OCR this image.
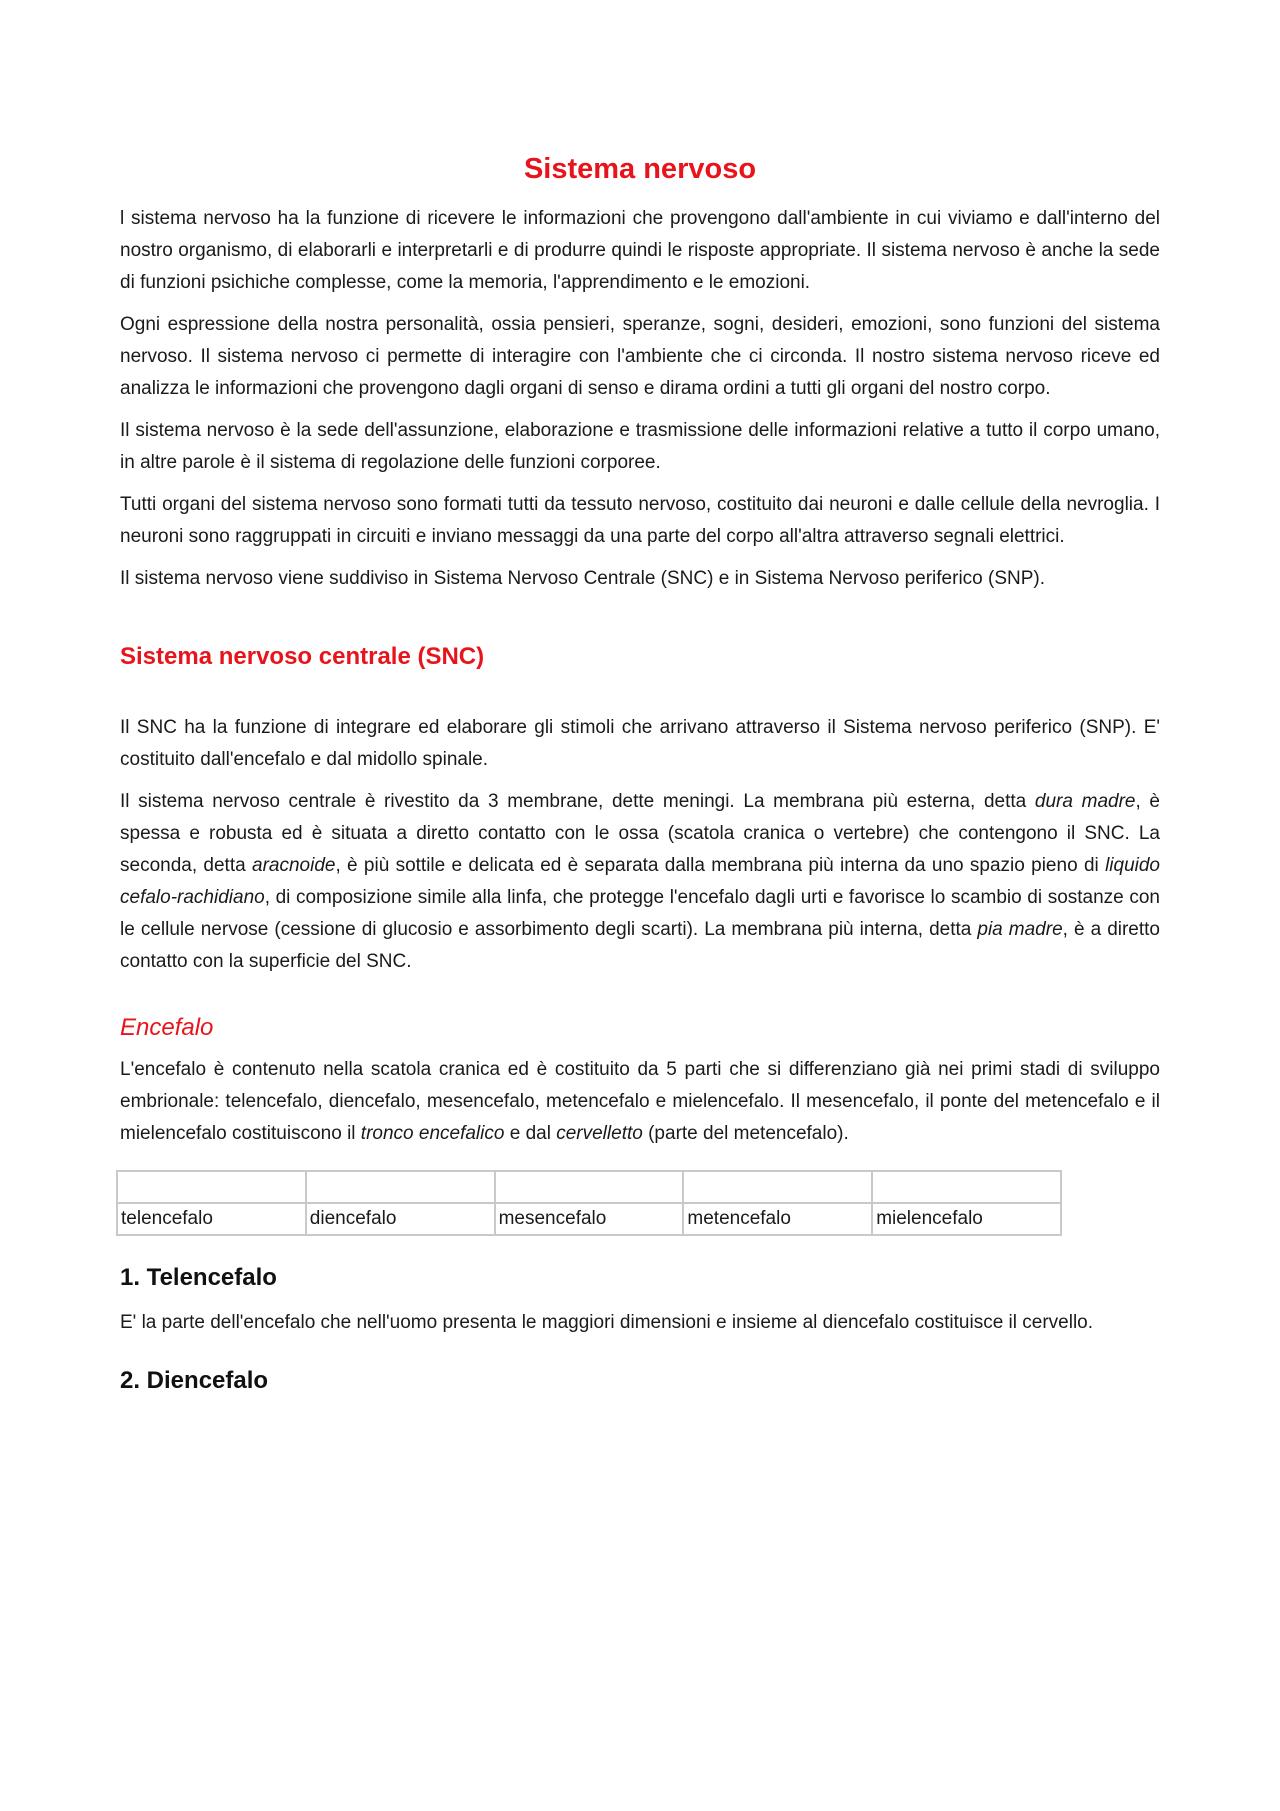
Sistema nervoso

l sistema nervoso ha la funzione di ricevere le informazioni che provengono dall'ambiente in cui viviamo e dall'interno del nostro organismo, di elaborarli e interpretarli e di produrre quindi le risposte appropriate. Il sistema nervoso è anche la sede di funzioni psichiche complesse, come la memoria, l'apprendimento e le emozioni.

Ogni espressione della nostra personalità, ossia pensieri, speranze, sogni, desideri, emozioni, sono funzioni del sistema nervoso. Il sistema nervoso ci permette di interagire con l'ambiente che ci circonda. Il nostro sistema nervoso riceve ed analizza le informazioni che provengono dagli organi di senso e dirama ordini a tutti gli organi del nostro corpo.

Il sistema nervoso è la sede dell'assunzione, elaborazione e trasmissione delle informazioni relative a tutto il corpo umano, in altre parole è il sistema di regolazione delle funzioni corporee.

Tutti organi del sistema nervoso sono formati tutti da tessuto nervoso, costituito dai neuroni e dalle cellule della nevroglia. I neuroni sono raggruppati in circuiti e inviano messaggi da una parte del corpo all'altra attraverso segnali elettrici.

Il sistema nervoso viene suddiviso in Sistema Nervoso Centrale (SNC) e in Sistema Nervoso periferico (SNP).

Sistema nervoso centrale (SNC)

Il SNC ha la funzione di integrare ed elaborare gli stimoli che arrivano attraverso il Sistema nervoso periferico (SNP). E' costituito dall'encefalo e dal midollo spinale.

Il sistema nervoso centrale è rivestito da 3 membrane, dette meningi. La membrana più esterna, detta dura madre, è spessa e robusta ed è situata a diretto contatto con le ossa (scatola cranica o vertebre) che contengono il SNC. La seconda, detta aracnoide, è più sottile e delicata ed è separata dalla membrana più interna da uno spazio pieno di liquido cefalo-rachidiano, di composizione simile alla linfa, che protegge l'encefalo dagli urti e favorisce lo scambio di sostanze con le cellule nervose (cessione di glucosio e assorbimento degli scarti). La membrana più interna, detta pia madre, è a diretto contatto con la superficie del SNC.

Encefalo

L'encefalo è contenuto nella scatola cranica ed è costituito da 5 parti che si differenziano già nei primi stadi di sviluppo embrionale: telencefalo, diencefalo, mesencefalo, metencefalo e mielencefalo. Il mesencefalo, il ponte del metencefalo e il mielencefalo costituiscono il tronco encefalico e dal cervelletto (parte del metencefalo).

telencefalo	diencefalo	mesencefalo	metencefalo	mielencefalo
1. Telencefalo

E' la parte dell'encefalo che nell'uomo presenta le maggiori dimensioni e insieme al diencefalo costituisce il cervello.

2. Diencefalo
